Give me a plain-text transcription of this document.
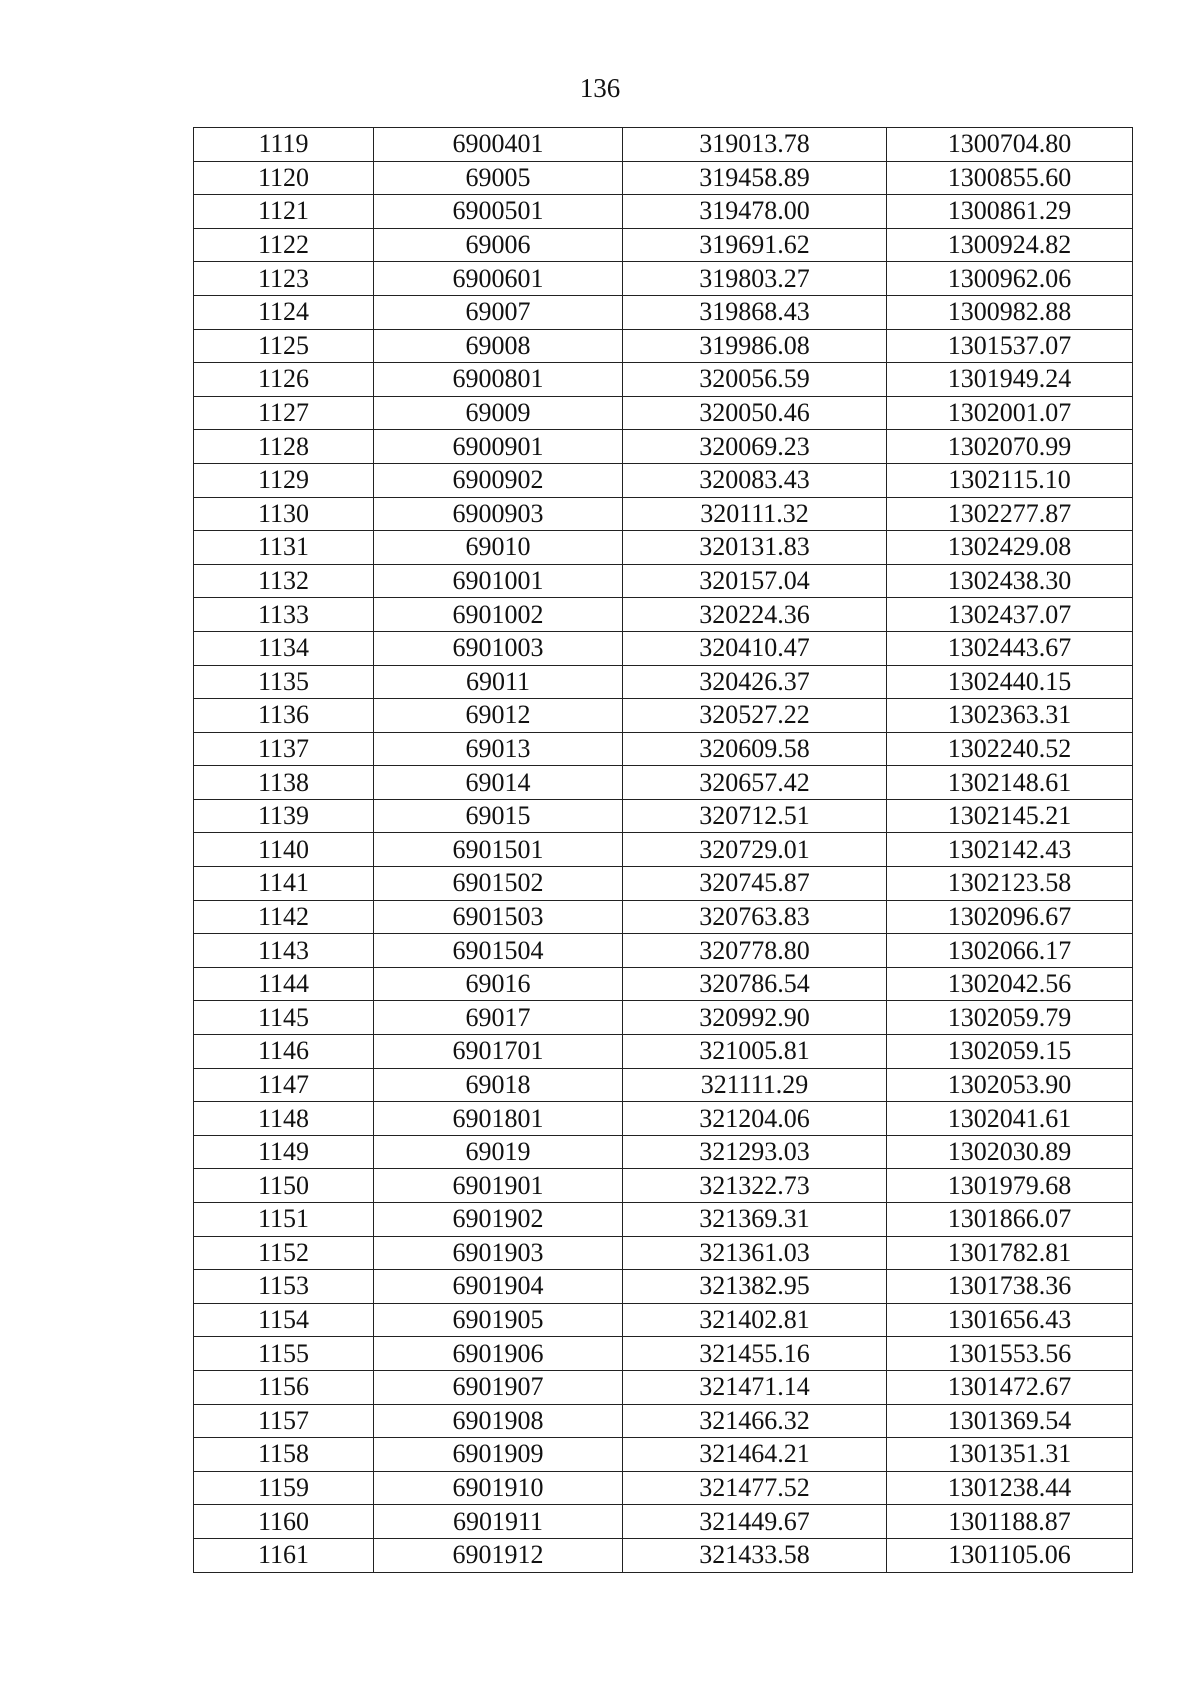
136
1119	6900401	319013.78	1300704.80
1120	69005	319458.89	1300855.60
1121	6900501	319478.00	1300861.29
1122	69006	319691.62	1300924.82
1123	6900601	319803.27	1300962.06
1124	69007	319868.43	1300982.88
1125	69008	319986.08	1301537.07
1126	6900801	320056.59	1301949.24
1127	69009	320050.46	1302001.07
1128	6900901	320069.23	1302070.99
1129	6900902	320083.43	1302115.10
1130	6900903	320111.32	1302277.87
1131	69010	320131.83	1302429.08
1132	6901001	320157.04	1302438.30
1133	6901002	320224.36	1302437.07
1134	6901003	320410.47	1302443.67
1135	69011	320426.37	1302440.15
1136	69012	320527.22	1302363.31
1137	69013	320609.58	1302240.52
1138	69014	320657.42	1302148.61
1139	69015	320712.51	1302145.21
1140	6901501	320729.01	1302142.43
1141	6901502	320745.87	1302123.58
1142	6901503	320763.83	1302096.67
1143	6901504	320778.80	1302066.17
1144	69016	320786.54	1302042.56
1145	69017	320992.90	1302059.79
1146	6901701	321005.81	1302059.15
1147	69018	321111.29	1302053.90
1148	6901801	321204.06	1302041.61
1149	69019	321293.03	1302030.89
1150	6901901	321322.73	1301979.68
1151	6901902	321369.31	1301866.07
1152	6901903	321361.03	1301782.81
1153	6901904	321382.95	1301738.36
1154	6901905	321402.81	1301656.43
1155	6901906	321455.16	1301553.56
1156	6901907	321471.14	1301472.67
1157	6901908	321466.32	1301369.54
1158	6901909	321464.21	1301351.31
1159	6901910	321477.52	1301238.44
1160	6901911	321449.67	1301188.87
1161	6901912	321433.58	1301105.06
